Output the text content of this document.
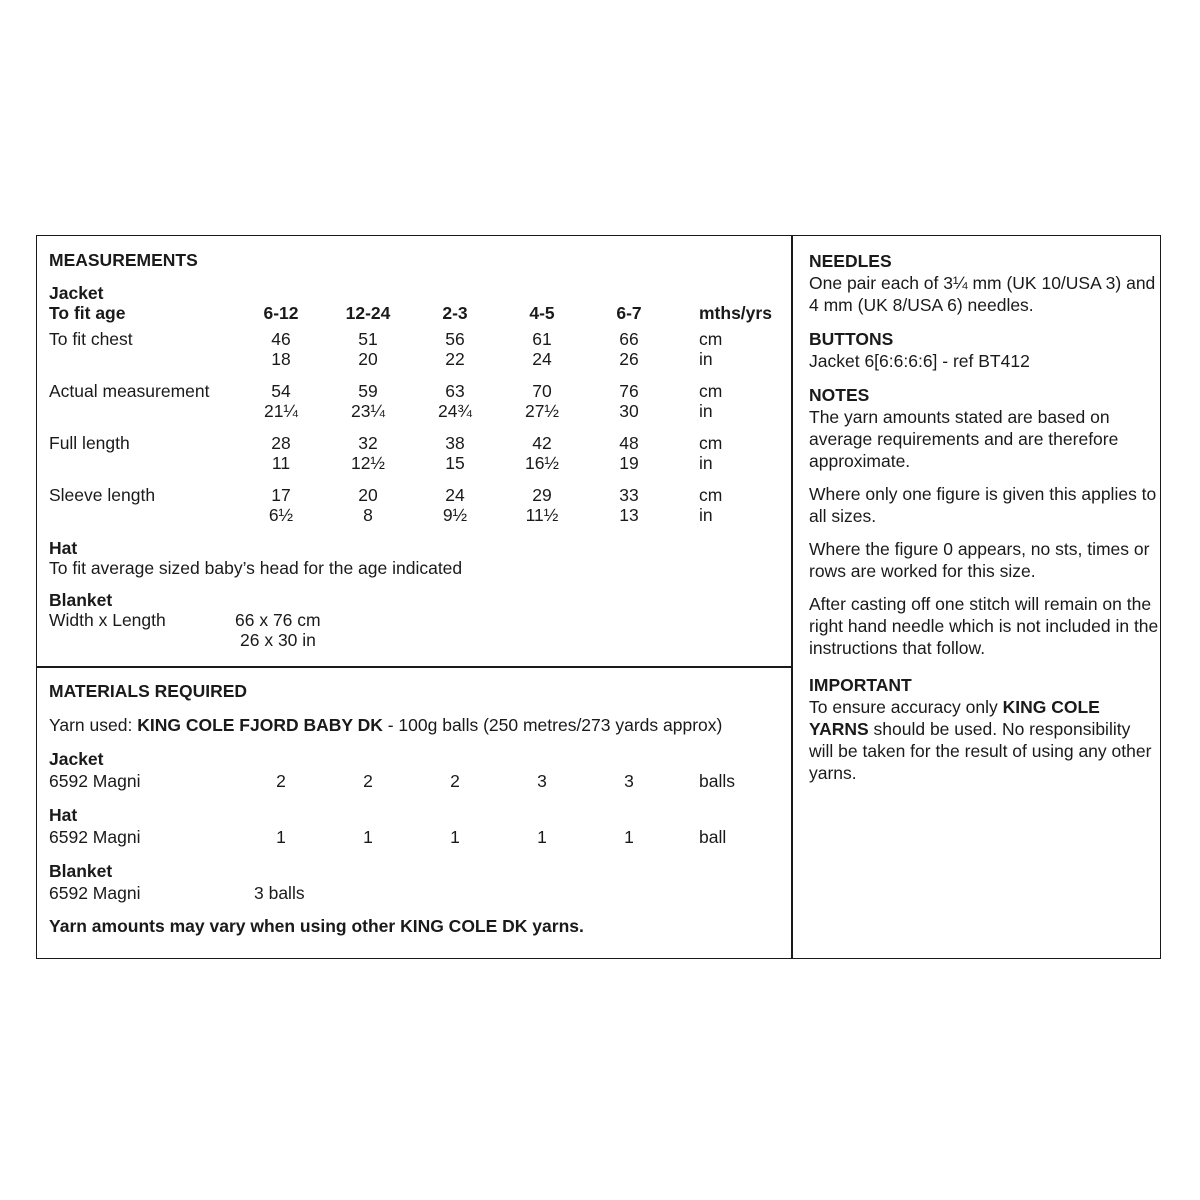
MEASUREMENTS
Jacket
To fit age	6-12	12-24	2-3	4-5	6-7	mths/yrs
To fit chest	46	51	56	61	66	cm
18	20	22	24	26	in
Actual measurement	54	59	63	70	76	cm
21¼	23¼	24¾	27½	30	in
Full length	28	32	38	42	48	cm
11	12½	15	16½	19	in
Sleeve length	17	20	24	29	33	cm
6½	8	9½	11½	13	in
Hat
To fit average sized baby’s head for the age indicated
Blanket
Width x Length	66 x 76 cm
26 x 30 in
MATERIALS REQUIRED
Yarn used: KING COLE FJORD BABY DK - 100g balls (250 metres/273 yards approx)
Jacket
6592 Magni	2	2	2	3	3	balls
Hat
6592 Magni	1	1	1	1	1	ball
Blanket
6592 Magni	3 balls
Yarn amounts may vary when using other KING COLE DK yarns.

NEEDLES

One pair each of 3¼ mm (UK 10/USA 3) and 4 mm (UK 8/USA 6) needles.

BUTTONS

Jacket 6[6:6:6:6] - ref BT412

NOTES

The yarn amounts stated are based on average requirements and are therefore approximate.

Where only one figure is given this applies to all sizes.

Where the figure 0 appears, no sts, times or rows are worked for this size.

After casting off one stitch will remain on the right hand needle which is not included in the instructions that follow.

IMPORTANT

To ensure accuracy only KING COLE YARNS should be used. No responsibility will be taken for the result of using any other yarns.
